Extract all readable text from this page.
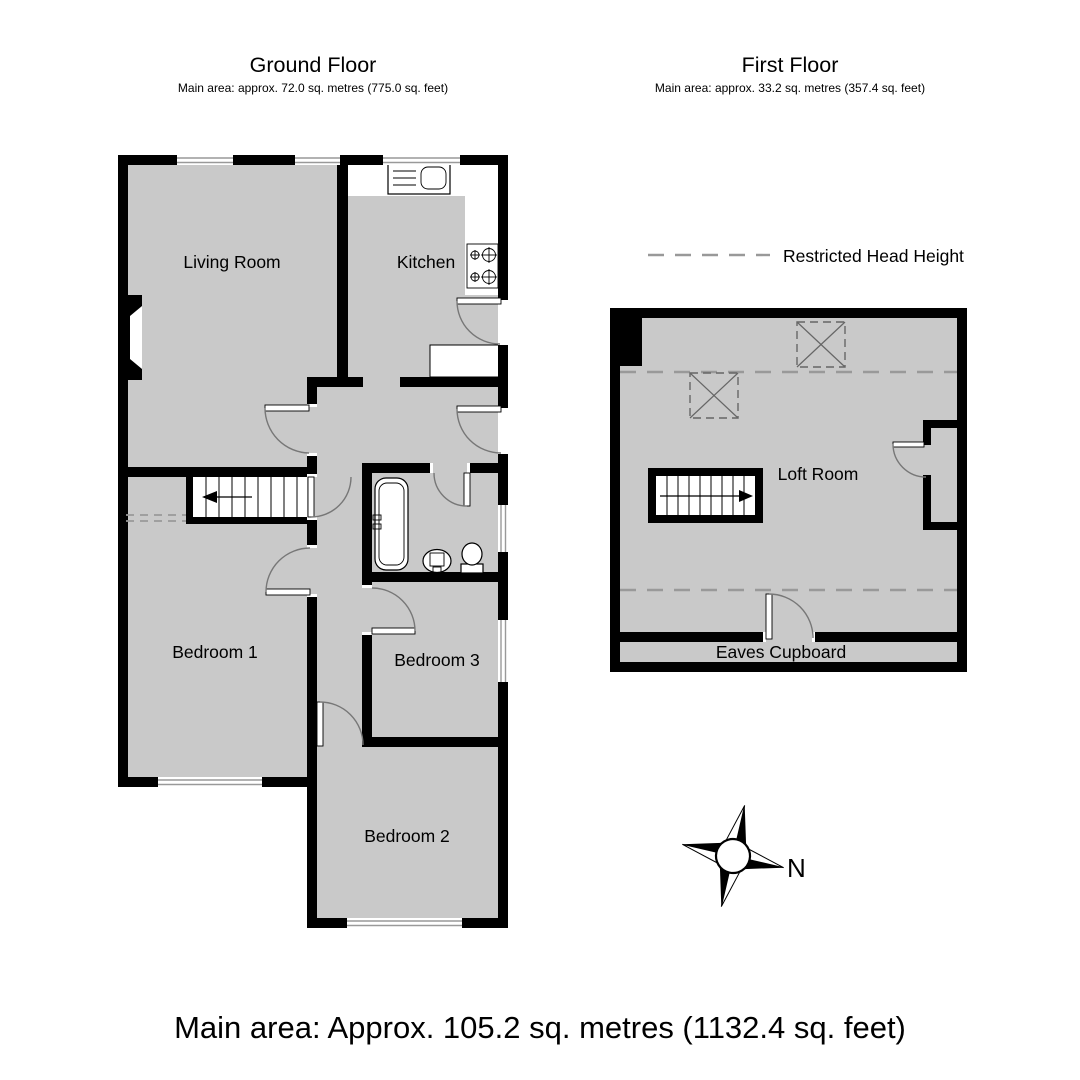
Ground Floor
Main area: approx. 72.0 sq. metres (775.0 sq. feet)
First Floor
Main area: approx. 33.2 sq. metres (357.4 sq. feet)
Restricted Head Height
Living Room	Kitchen
Bedroom 1	Bedroom 3
Bedroom 2
Loft Room
Eaves Cupboard
N
Main area: Approx. 105.2 sq. metres (1132.4 sq. feet)
